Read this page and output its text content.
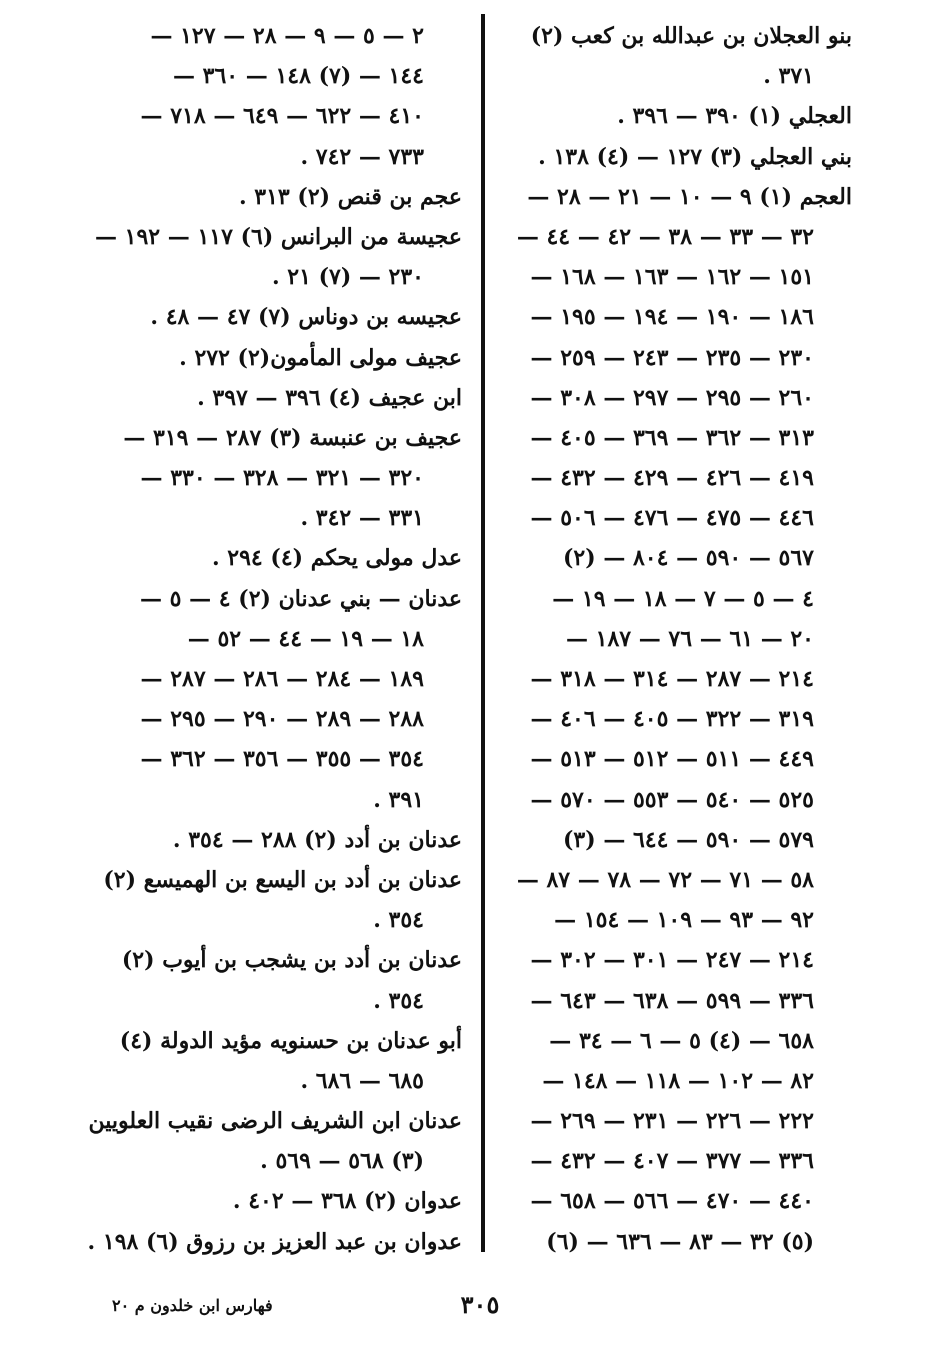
بنو العجلان بن عبدالله بن كعب (٢)
٣٧١ .
العجلي (١) ٣٩٠ — ٣٩٦ .
بني العجلي (٣) ١٢٧ — (٤) ١٣٨ .
العجم (١) ٩ — ١٠ — ٢١ — ٢٨ —
٣٢ — ٣٣ — ٣٨ — ٤٢ — ٤٤ —
١٥١ — ١٦٢ — ١٦٣ — ١٦٨ —
١٨٦ — ١٩٠ — ١٩٤ — ١٩٥ —
٢٣٠ — ٢٣٥ — ٢٤٣ — ٢٥٩ —
٢٦٠ — ٢٩٥ — ٢٩٧ — ٣٠٨ —
٣١٣ — ٣٦٢ — ٣٦٩ — ٤٠٥ —
٤١٩ — ٤٢٦ — ٤٢٩ — ٤٣٢ —
٤٤٦ — ٤٧٥ — ٤٧٦ — ٥٠٦ —
٥٦٧ — ٥٩٠ — ٨٠٤ — (٢)
٤ — ٥ — ٧ — ١٨ — ١٩ —
٢٠ — ٦١ — ٧٦ — ١٨٧ —
٢١٤ — ٢٨٧ — ٣١٤ — ٣١٨ —
٣١٩ — ٣٢٢ — ٤٠٥ — ٤٠٦ —
٤٤٩ — ٥١١ — ٥١٢ — ٥١٣ —
٥٢٥ — ٥٤٠ — ٥٥٣ — ٥٧٠ —
٥٧٩ — ٥٩٠ — ٦٤٤ — (٣)
٥٨ — ٧١ — ٧٢ — ٧٨ — ٨٧ —
٩٢ — ٩٣ — ١٠٩ — ١٥٤ —
٢١٤ — ٢٤٧ — ٣٠١ — ٣٠٢ —
٣٣٦ — ٥٩٩ — ٦٣٨ — ٦٤٣ —
٦٥٨ — (٤) ٥ — ٦ — ٣٤ —
٨٢ — ١٠٢ — ١١٨ — ١٤٨ —
٢٢٢ — ٢٢٦ — ٢٣١ — ٢٦٩ —
٣٣٦ — ٣٧٧ — ٤٠٧ — ٤٣٢ —
٤٤٠ — ٤٧٠ — ٥٦٦ — ٦٥٨ —
(٥) ٣٢ — ٨٣ — ٦٣٦ — (٦)
٢ — ٥ — ٩ — ٢٨ — ١٢٧ —
١٤٤ — (٧) ١٤٨ — ٣٦٠ —
٤١٠ — ٦٢٢ — ٦٤٩ — ٧١٨ —
٧٣٣ — ٧٤٢ .
عجم بن قنص (٢) ٣١٣ .
عجيسة من البرانس (٦) ١١٧ — ١٩٢ —
٢٣٠ — (٧) ٢١ .
عجيسه بن دوناس (٧) ٤٧ — ٤٨ .
عجيف مولى المأمون(٢) ٢٧٢ .
ابن عجيف (٤) ٣٩٦ — ٣٩٧ .
عجيف بن عنبسة (٣) ٢٨٧ — ٣١٩ —
٣٢٠ — ٣٢١ — ٣٢٨ — ٣٣٠ —
٣٣١ — ٣٤٢ .
عدل مولى يحكم (٤) ٢٩٤ .
عدنان — بني عدنان (٢) ٤ — ٥ —
١٨ — ١٩ — ٤٤ — ٥٢ —
١٨٩ — ٢٨٤ — ٢٨٦ — ٢٨٧ —
٢٨٨ — ٢٨٩ — ٢٩٠ — ٢٩٥ —
٣٥٤ — ٣٥٥ — ٣٥٦ — ٣٦٢ —
٣٩١ .
عدنان بن أدد (٢) ٢٨٨ — ٣٥٤ .
عدنان بن أدد بن اليسع بن الهميسع (٢)
٣٥٤ .
عدنان بن أدد بن يشجب بن أيوب (٢)
٣٥٤ .
أبو عدنان بن حسنويه مؤيد الدولة (٤)
٦٨٥ — ٦٨٦ .
عدنان ابن الشريف الرضى نقيب العلويين
(٣) ٥٦٨ — ٥٦٩ .
عدوان (٢) ٣٦٨ — ٤٠٢ .
عدوان بن عبد العزيز بن رزوق (٦) ١٩٨ .
٣٠٥
فهارس ابن خلدون م ٢٠
